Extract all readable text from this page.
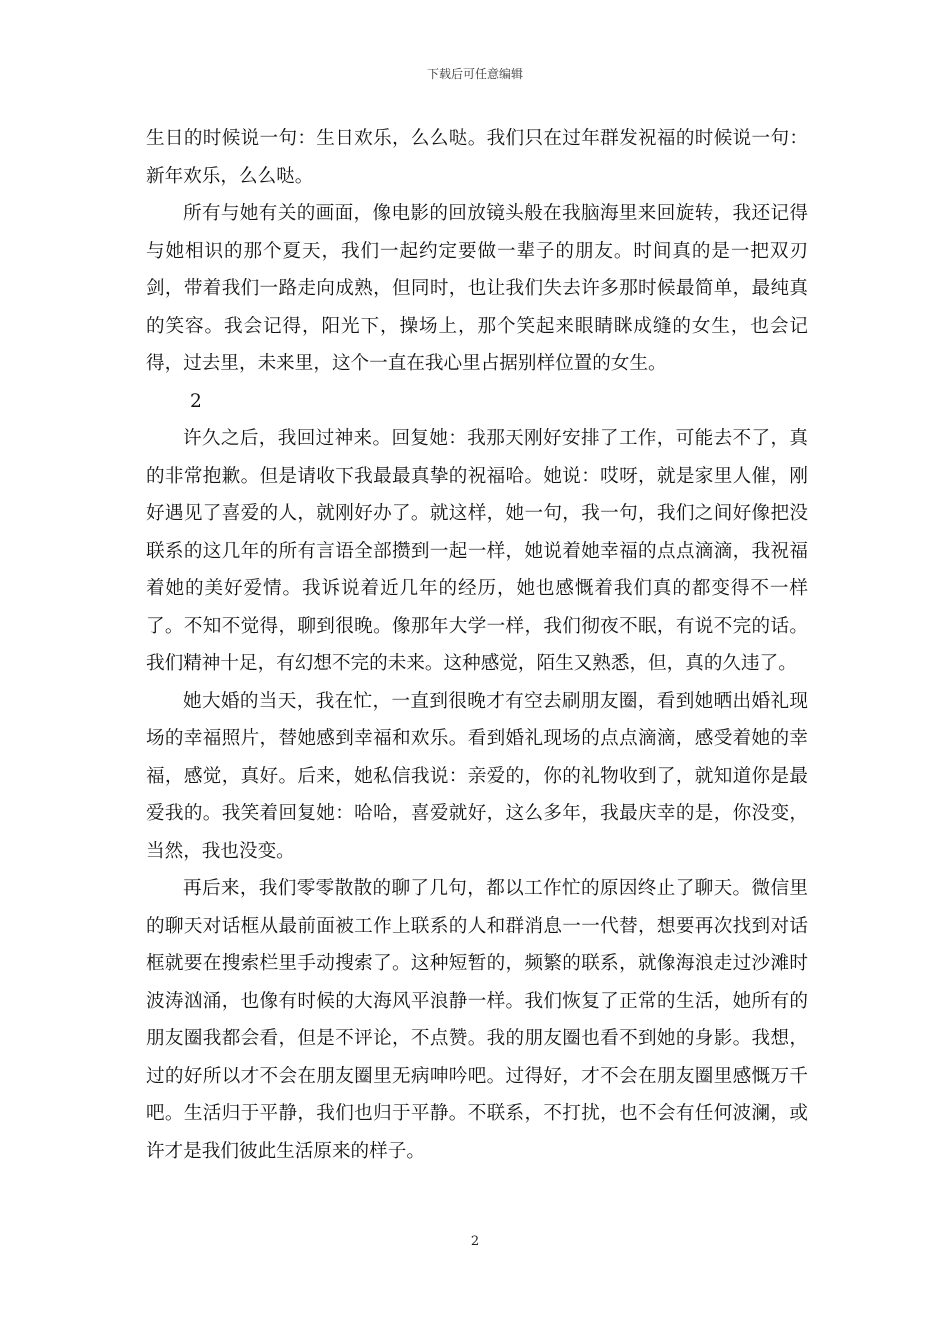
下载后可任意编辑

生日的时候说一句：生日欢乐，么么哒。我们只在过年群发祝福的时候说一句：新年欢乐，么么哒。

所有与她有关的画面，像电影的回放镜头般在我脑海里来回旋转，我还记得与她相识的那个夏天，我们一起约定要做一辈子的朋友。时间真的是一把双刃剑，带着我们一路走向成熟，但同时，也让我们失去许多那时候最简单，最纯真的笑容。我会记得，阳光下，操场上，那个笑起来眼睛眯成缝的女生，也会记得，过去里，未来里，这个一直在我心里占据别样位置的女生。

2

许久之后，我回过神来。回复她：我那天刚好安排了工作，可能去不了，真的非常抱歉。但是请收下我最最真挚的祝福哈。她说：哎呀，就是家里人催，刚好遇见了喜爱的人，就刚好办了。就这样，她一句，我一句，我们之间好像把没联系的这几年的所有言语全部攒到一起一样，她说着她幸福的点点滴滴，我祝福着她的美好爱情。我诉说着近几年的经历，她也感慨着我们真的都变得不一样了。不知不觉得，聊到很晚。像那年大学一样，我们彻夜不眠，有说不完的话。我们精神十足，有幻想不完的未来。这种感觉，陌生又熟悉，但，真的久违了。

她大婚的当天，我在忙，一直到很晚才有空去刷朋友圈，看到她晒出婚礼现场的幸福照片，替她感到幸福和欢乐。看到婚礼现场的点点滴滴，感受着她的幸福，感觉，真好。后来，她私信我说：亲爱的，你的礼物收到了，就知道你是最爱我的。我笑着回复她：哈哈，喜爱就好，这么多年，我最庆幸的是，你没变，当然，我也没变。

再后来，我们零零散散的聊了几句，都以工作忙的原因终止了聊天。微信里的聊天对话框从最前面被工作上联系的人和群消息一一代替，想要再次找到对话框就要在搜索栏里手动搜索了。这种短暂的，频繁的联系，就像海浪走过沙滩时波涛汹涌，也像有时候的大海风平浪静一样。我们恢复了正常的生活，她所有的朋友圈我都会看，但是不评论，不点赞。我的朋友圈也看不到她的身影。我想，过的好所以才不会在朋友圈里无病呻吟吧。过得好，才不会在朋友圈里感慨万千吧。生活归于平静，我们也归于平静。不联系，不打扰，也不会有任何波澜，或许才是我们彼此生活原来的样子。

2
